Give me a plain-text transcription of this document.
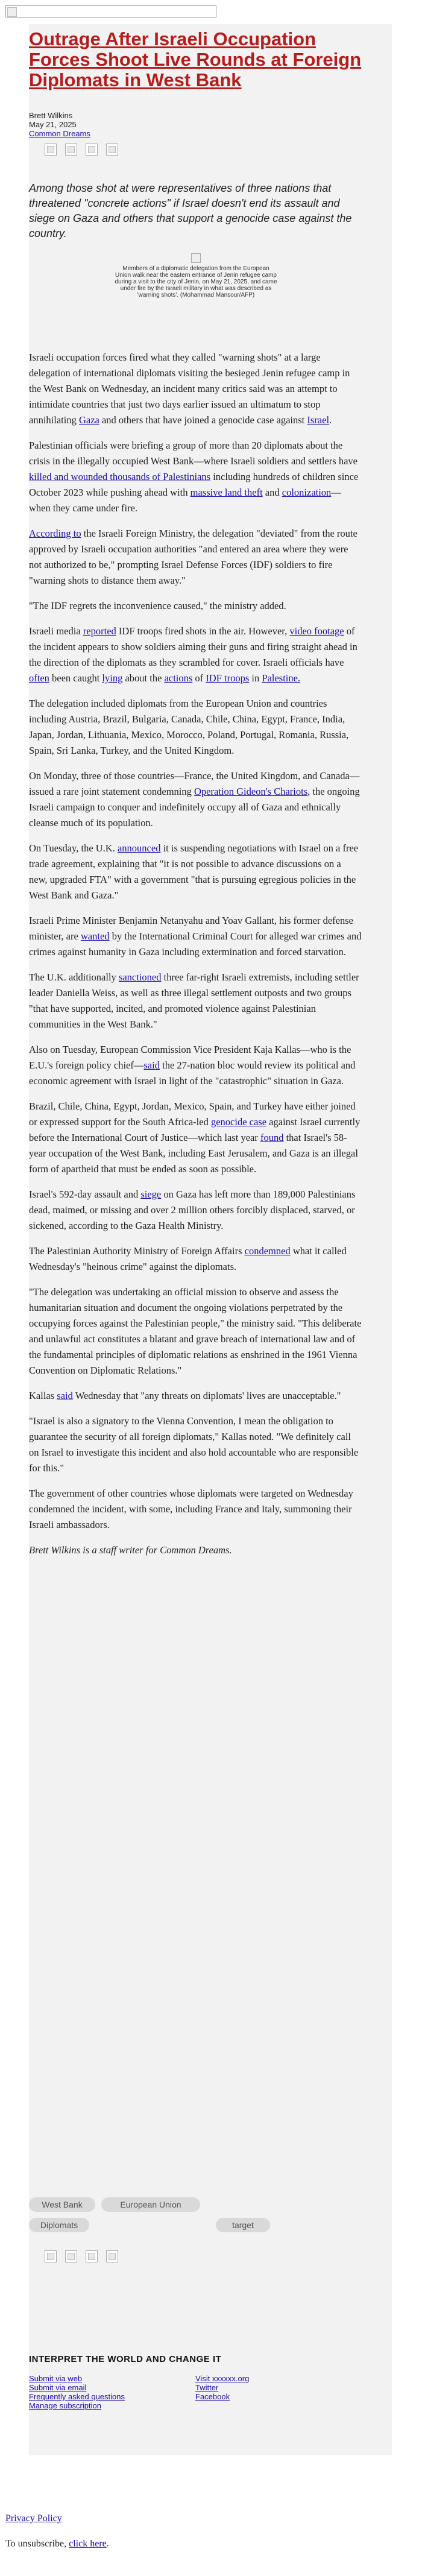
Outrage After Israeli Occupation Forces Shoot Live Rounds at Foreign Diplomats in West Bank
Brett Wilkins
May 21, 2025
Common Dreams

Among those shot at were representatives of three nations that threatened "concrete actions" if Israel doesn't end its assault and siege on Gaza and others that support a genocide case against the country.

Members of a diplomatic delegation from the European Union walk near the eastern entrance of Jenin refugee camp during a visit to the city of Jenin, on May 21, 2025, and came under fire by the Israeli military in what was described as 'warning shots'. (Mohammad Mansour/AFP)

Israeli occupation forces fired what they called "warning shots" at a large delegation of international diplomats visiting the besieged Jenin refugee camp in the West Bank on Wednesday, an incident many critics said was an attempt to intimidate countries that just two days earlier issued an ultimatum to stop annihilating Gaza and others that have joined a genocide case against Israel.

Palestinian officials were briefing a group of more than 20 diplomats about the crisis in the illegally occupied West Bank—where Israeli soldiers and settlers have killed and wounded thousands of Palestinians including hundreds of children since October 2023 while pushing ahead with massive land theft and colonization—when they came under fire.

According to the Israeli Foreign Ministry, the delegation "deviated" from the route approved by Israeli occupation authorities "and entered an area where they were not authorized to be," prompting Israel Defense Forces (IDF) soldiers to fire "warning shots to distance them away."

"The IDF regrets the inconvenience caused," the ministry added.

Israeli media reported IDF troops fired shots in the air. However, video footage of the incident appears to show soldiers aiming their guns and firing straight ahead in the direction of the diplomats as they scrambled for cover. Israeli officials have often been caught lying about the actions of IDF troops in Palestine.

The delegation included diplomats from the European Union and countries including Austria, Brazil, Bulgaria, Canada, Chile, China, Egypt, France, India, Japan, Jordan, Lithuania, Mexico, Morocco, Poland, Portugal, Romania, Russia, Spain, Sri Lanka, Turkey, and the United Kingdom.

On Monday, three of those countries—France, the United Kingdom, and Canada—issued a rare joint statement condemning Operation Gideon's Chariots, the ongoing Israeli campaign to conquer and indefinitely occupy all of Gaza and ethnically cleanse much of its population.

On Tuesday, the U.K. announced it is suspending negotiations with Israel on a free trade agreement, explaining that "it is not possible to advance discussions on a new, upgraded FTA" with a government "that is pursuing egregious policies in the West Bank and Gaza."

Israeli Prime Minister Benjamin Netanyahu and Yoav Gallant, his former defense minister, are wanted by the International Criminal Court for alleged war crimes and crimes against humanity in Gaza including extermination and forced starvation.

The U.K. additionally sanctioned three far-right Israeli extremists, including settler leader Daniella Weiss, as well as three illegal settlement outposts and two groups "that have supported, incited, and promoted violence against Palestinian communities in the West Bank."

Also on Tuesday, European Commission Vice President Kaja Kallas—who is the E.U.'s foreign policy chief—said the 27-nation bloc would review its political and economic agreement with Israel in light of the "catastrophic" situation in Gaza.

Brazil, Chile, China, Egypt, Jordan, Mexico, Spain, and Turkey have either joined or expressed support for the South Africa-led genocide case against Israel currently before the International Court of Justice—which last year found that Israel's 58-year occupation of the West Bank, including East Jerusalem, and Gaza is an illegal form of apartheid that must be ended as soon as possible.

Israel's 592-day assault and siege on Gaza has left more than 189,000 Palestinians dead, maimed, or missing and over 2 million others forcibly displaced, starved, or sickened, according to the Gaza Health Ministry.

The Palestinian Authority Ministry of Foreign Affairs condemned what it called Wednesday's "heinous crime" against the diplomats.

"The delegation was undertaking an official mission to observe and assess the humanitarian situation and document the ongoing violations perpetrated by the occupying forces against the Palestinian people," the ministry said. "This deliberate and unlawful act constitutes a blatant and grave breach of international law and of the fundamental principles of diplomatic relations as enshrined in the 1961 Vienna Convention on Diplomatic Relations."

Kallas said Wednesday that "any threats on diplomats' lives are unacceptable."

"Israel is also a signatory to the Vienna Convention, I mean the obligation to guarantee the security of all foreign diplomats," Kallas noted. "We definitely call on Israel to investigate this incident and also hold accountable who are responsible for this."

The government of other countries whose diplomats were targeted on Wednesday condemned the incident, with some, including France and Italy, summoning their Israeli ambassadors.

Brett Wilkins is a staff writer for Common Dreams.

West Bank	European Union
Diplomats	target
INTERPRET THE WORLD AND CHANGE IT
Submit via web
Submit via email
Frequently asked questions
Manage subscription
Visit xxxxxx.org
Twitter
Facebook
Privacy Policy
To unsubscribe, click here.
